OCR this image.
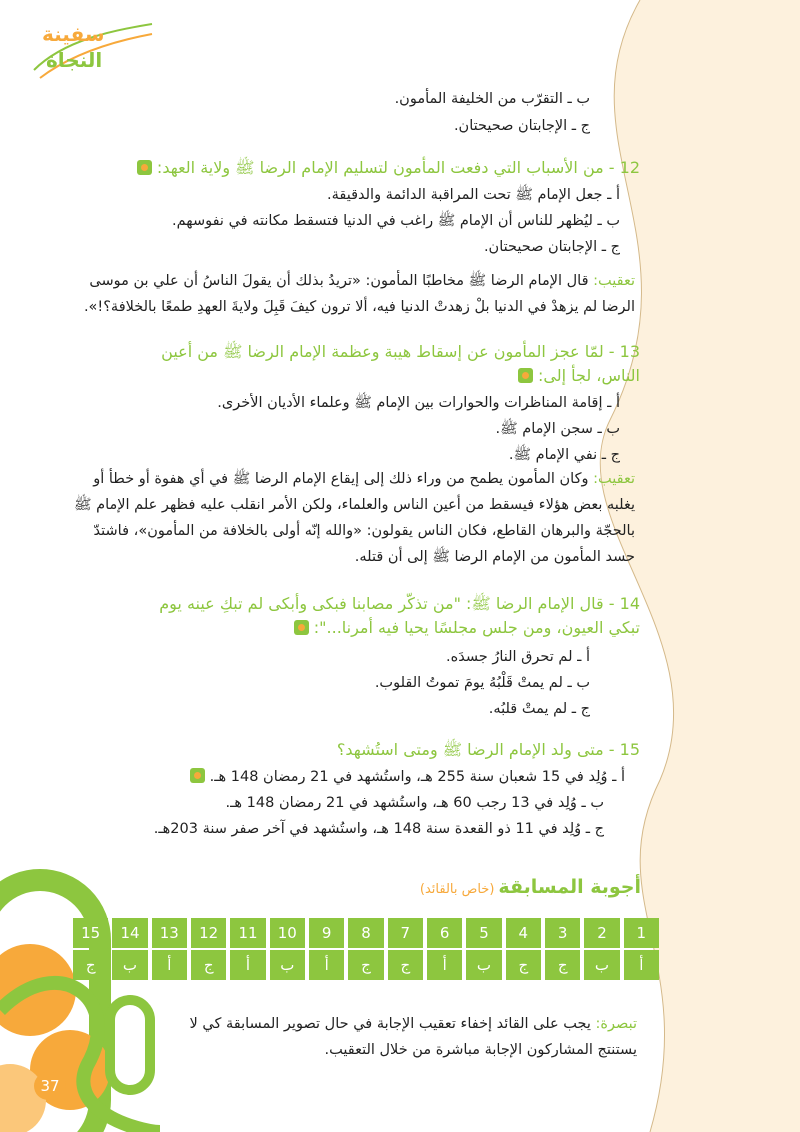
سفينة
النجاة
ب ـ التقرّب من الخليفة المأمون.
ج ـ الإجابتان صحيحتان.
12 - من الأسباب التي دفعت المأمون لتسليم الإمام الرضا ﷺ ولاية العهد:
أ ـ جعل الإمام ﷺ تحت المراقبة الدائمة والدقيقة.
ب ـ ليُظهر للناس أن الإمام ﷺ راغب في الدنيا فتسقط مكانته في نفوسهم.
ج ـ الإجابتان صحيحتان.
تعقيب: قال الإمام الرضا ﷺ مخاطبًا المأمون: «تريدُ بذلك أن يقولَ الناسُ أن علي بن موسى
الرضا لم يزهدْ في الدنيا بلْ زهدتْ الدنيا فيه، ألا ترون كيفَ قَبِلَ ولايةَ العهدِ طمعًا بالخلافة؟!».
13 - لمّا عجز المأمون عن إسقاط هيبة وعظمة الإمام الرضا ﷺ من أعين
الناس، لجأ إلى:
أ ـ إقامة المناظرات والحوارات بين الإمام ﷺ وعلماء الأديان الأخرى.
ب ـ سجن الإمام ﷺ.
ج ـ نفي الإمام ﷺ.
تعقيب: وكان المأمون يطمح من وراء ذلك إلى إيقاع الإمام الرضا ﷺ في أي هفوة أو خطأ أو
يغلبه بعض هؤلاء فيسقط من أعين الناس والعلماء، ولكن الأمر انقلب عليه فظهر علم الإمام ﷺ
بالحجّة والبرهان القاطع، فكان الناس يقولون: «والله إنّه أولى بالخلافة من المأمون»، فاشتدّ
حسد المأمون من الإمام الرضا ﷺ إلى أن قتله.
14 - قال الإمام الرضا ﷺ: "من تذكّر مصابنا فبكى وأبكى لم تبكِ عينه يوم
تبكي العيون، ومن جلس مجلسًا يحيا فيه أمرنا...":
أ ـ لم تحرق النارُ جسدَه.
ب ـ لم يمتْ قَلْبُهُ يومَ تموتُ القلوب.
ج ـ لم يمتْ قلبُه.
15 - متى ولد الإمام الرضا ﷺ ومتى استُشهد؟
أ ـ وُلِد في 15 شعبان سنة 255 هـ، واستُشهد في 21 رمضان 148 هـ.
ب ـ وُلِد في 13 رجب 60 هـ، واستُشهد في 21 رمضان 148 هـ.
ج ـ وُلِد في 11 ذو القعدة سنة 148 هـ، واستُشهد في آخر صفر سنة 203هـ.
أجوبة المسابقة(خاص بالقائد)
1
2
3
4
5
6
7
8
9
10
11
12
13
14
15
أ
ب
ج
ج
ب
أ
ج
ج
أ
ب
أ
ج
أ
ب
ج
تبصرة: يجب على القائد إخفاء تعقيب الإجابة في حال تصوير المسابقة كي لا
يستنتج المشاركون الإجابة مباشرة من خلال التعقيب.
37
